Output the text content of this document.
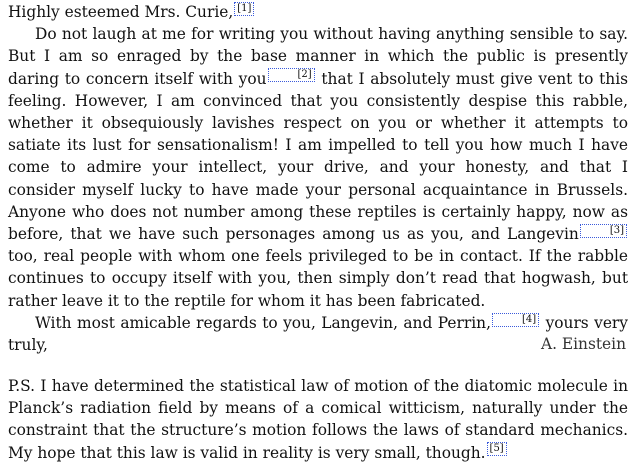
Highly esteemed Mrs. Curie, [1]

Do not laugh at me for writing you without having anything sensible to say. But I am so enraged by the base manner in which the public is presently daring to concern itself with you	[2] that I absolutely must give vent to this feeling. However, I am convinced that you consistently despise this rabble, whether it obsequiously lavishes respect on you or whether it attempts to satiate its lust for sensationalism! I am impelled to tell you how much I have come to admire your intellect, your drive, and your honesty, and that I consider myself lucky to have made your personal acquaintance in Brussels. Anyone who does not number among these reptiles is certainly happy, now as before, that we have such personages among us as you, and Langevin	[3] too, real people with whom one feels privileged to be in contact. If the rabble continues to occupy itself with you, then simply don’t read that hogwash, but rather leave it to the reptile for whom it has been fabricated.

With most amicable regards to you, Langevin, and Perrin,	[4] yours very truly,	A. Einstein

P.S. I have determined the statistical law of motion of the diatomic molecule in Planck’s radiation field by means of a comical witticism, naturally under the constraint that the structure’s motion follows the laws of standard mechanics. My hope that this law is valid in reality is very small, though. [5]
